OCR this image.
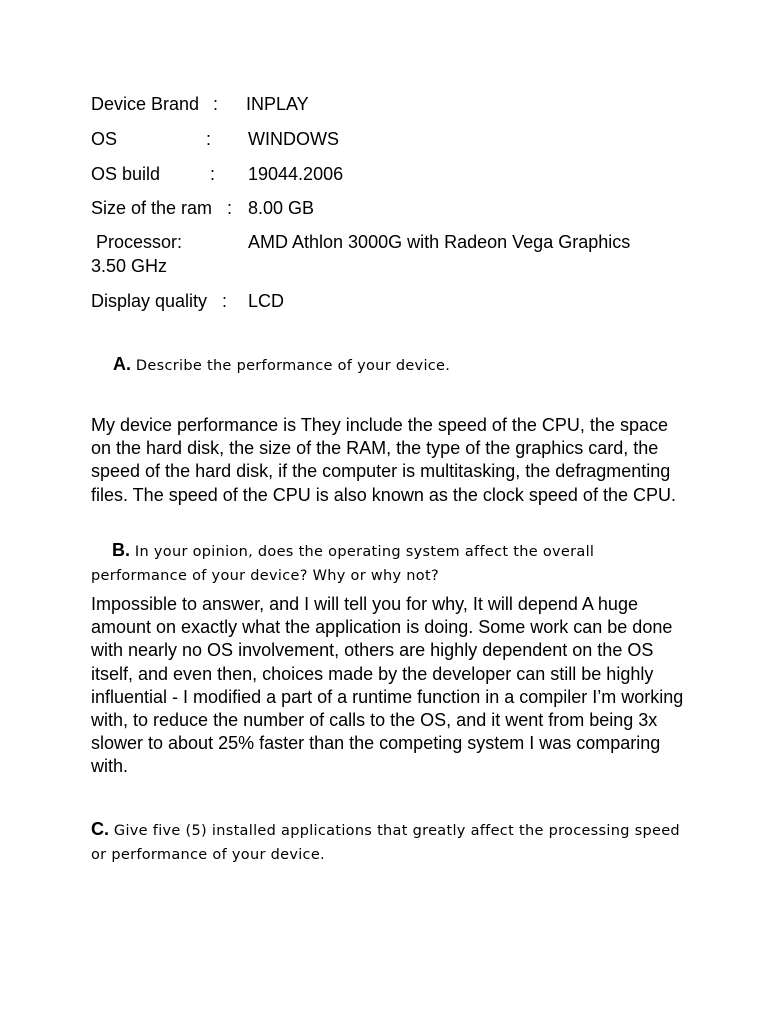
Device Brand : INPLAY
OS	: WINDOWS
OS build	: 19044.2006
Size of the ram : 8.00 GB
Processor:	AMD Athlon 3000G with Radeon Vega Graphics
3.50 GHz
Display quality : LCD
A. Describe the performance of your device.
My device performance is They include the speed of the CPU, the space on the hard disk, the size of the RAM, the type of the graphics card, the speed of the hard disk, if the computer is multitasking, the defragmenting files. The speed of the CPU is also known as the clock speed of the CPU.
B. In your opinion, does the operating system affect the overall performance of your device? Why or why not?
Impossible to answer, and I will tell you for why, It will depend A huge amount on exactly what the application is doing. Some work can be done with nearly no OS involvement, others are highly dependent on the OS itself, and even then, choices made by the developer can still be highly influential - I modified a part of a runtime function in a compiler I’m working with, to reduce the number of calls to the OS, and it went from being 3x slower to about 25% faster than the competing system I was comparing with.
C. Give five (5) installed applications that greatly affect the processing speed or performance of your device.
